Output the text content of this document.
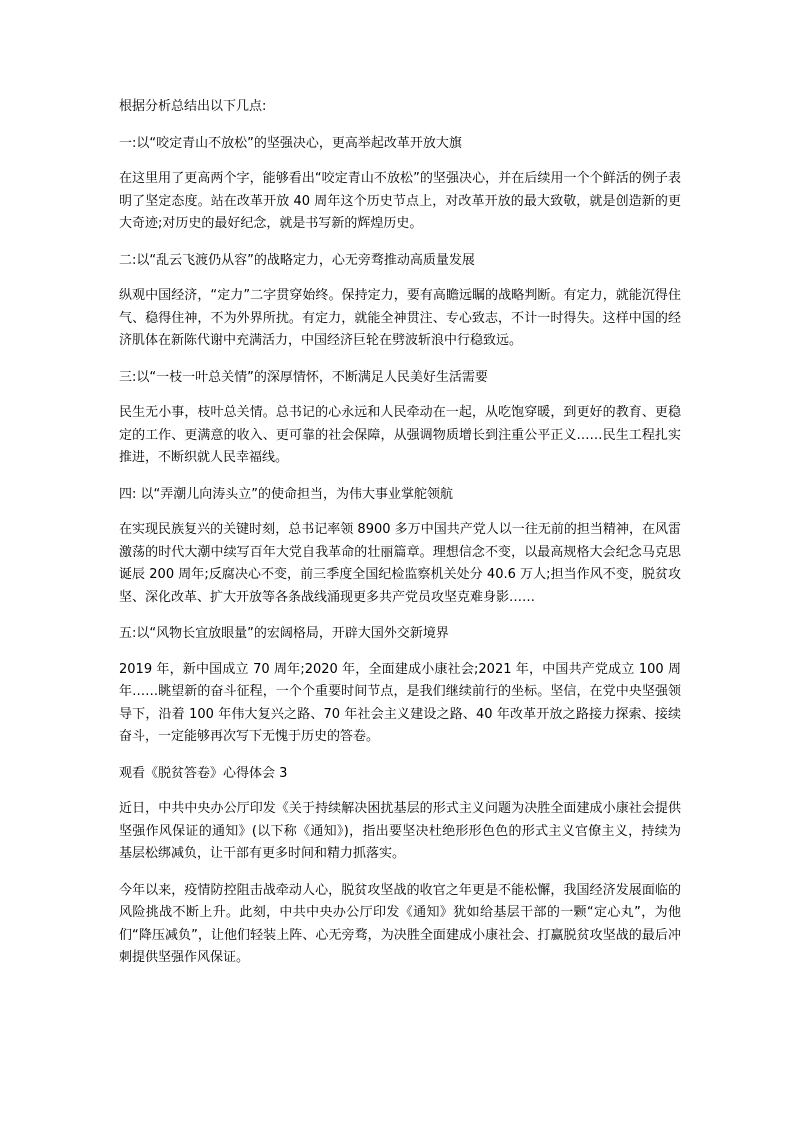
根据分析总结出以下几点:

一:以“咬定青山不放松”的坚强决心，更高举起改革开放大旗

在这里用了更高两个字，能够看出“咬定青山不放松”的坚强决心，并在后续用一个个鲜活的例子表明了坚定态度。站在改革开放 40 周年这个历史节点上，对改革开放的最大致敬，就是创造新的更大奇迹;对历史的最好纪念，就是书写新的辉煌历史。

二:以“乱云飞渡仍从容”的战略定力，心无旁骛推动高质量发展

纵观中国经济，“定力”二字贯穿始终。保持定力，要有高瞻远瞩的战略判断。有定力，就能沉得住气、稳得住神，不为外界所扰。有定力，就能全神贯注、专心致志，不计一时得失。这样中国的经济肌体在新陈代谢中充满活力，中国经济巨轮在劈波斩浪中行稳致远。

三:以“一枝一叶总关情”的深厚情怀，不断满足人民美好生活需要

民生无小事，枝叶总关情。总书记的心永远和人民牵动在一起，从吃饱穿暖，到更好的教育、更稳定的工作、更满意的收入、更可靠的社会保障，从强调物质增长到注重公平正义……民生工程扎实推进，不断织就人民幸福线。

四: 以“弄潮儿向涛头立”的使命担当，为伟大事业掌舵领航

在实现民族复兴的关键时刻，总书记率领 8900 多万中国共产党人以一往无前的担当精神，在风雷激荡的时代大潮中续写百年大党自我革命的壮丽篇章。理想信念不变，以最高规格大会纪念马克思诞辰 200 周年;反腐决心不变，前三季度全国纪检监察机关处分 40.6 万人;担当作风不变，脱贫攻坚、深化改革、扩大开放等各条战线涌现更多共产党员攻坚克难身影……

五:以“风物长宜放眼量”的宏阔格局，开辟大国外交新境界

2019 年，新中国成立 70 周年;2020 年，全面建成小康社会;2021 年，中国共产党成立 100 周年……眺望新的奋斗征程，一个个重要时间节点，是我们继续前行的坐标。坚信，在党中央坚强领导下，沿着 100 年伟大复兴之路、70 年社会主义建设之路、40 年改革开放之路接力探索、接续奋斗，一定能够再次写下无愧于历史的答卷。

观看《脱贫答卷》心得体会 3

近日，中共中央办公厅印发《关于持续解决困扰基层的形式主义问题为决胜全面建成小康社会提供坚强作风保证的通知》(以下称《通知》)，指出要坚决杜绝形形色色的形式主义官僚主义，持续为基层松绑减负，让干部有更多时间和精力抓落实。

今年以来，疫情防控阻击战牵动人心，脱贫攻坚战的收官之年更是不能松懈，我国经济发展面临的风险挑战不断上升。此刻，中共中央办公厅印发《通知》犹如给基层干部的一颗“定心丸”，为他们“降压减负”，让他们轻装上阵、心无旁骛，为决胜全面建成小康社会、打赢脱贫攻坚战的最后冲刺提供坚强作风保证。
